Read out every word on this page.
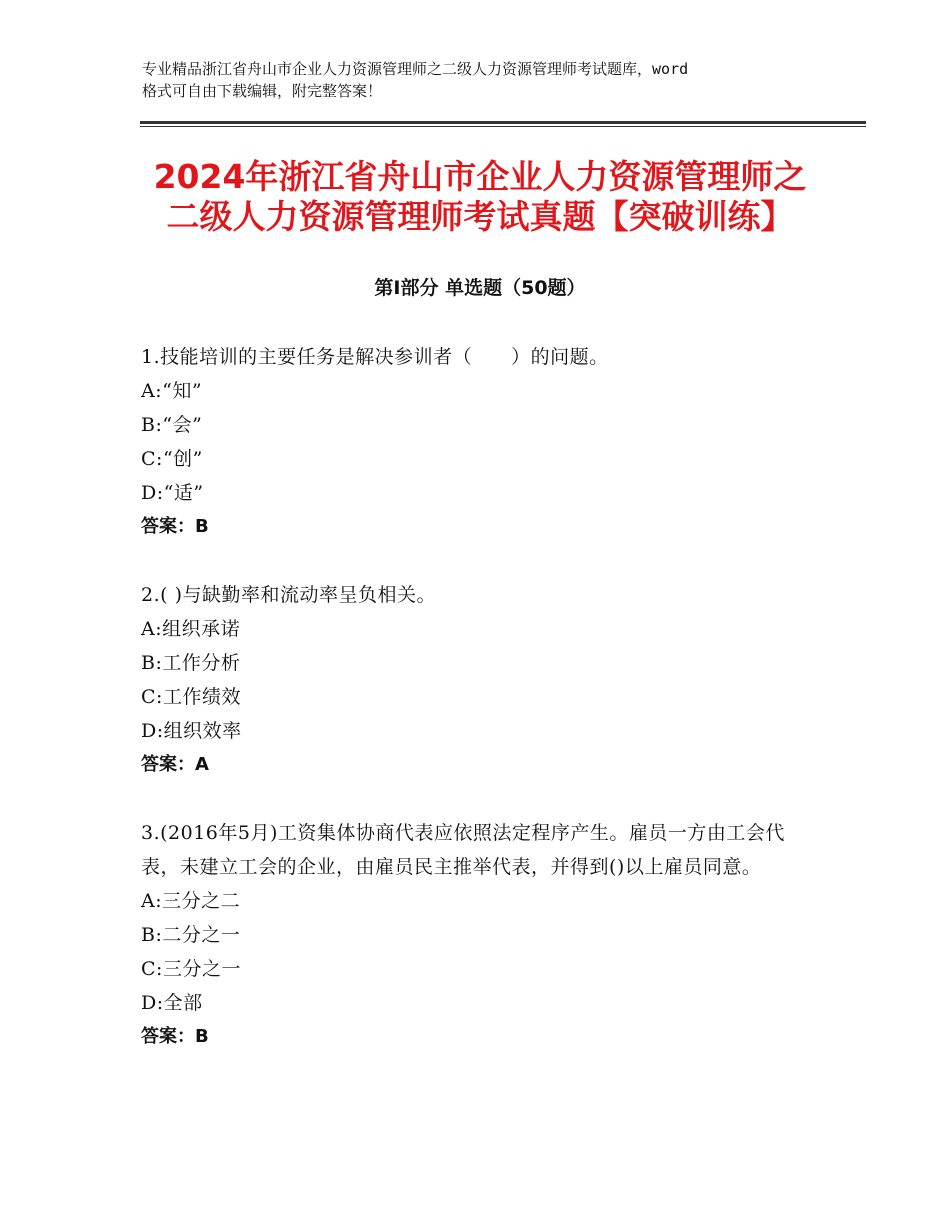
专业精品浙江省舟山市企业人力资源管理师之二级人力资源管理师考试题库，word
格式可自由下载编辑，附完整答案！
2024年浙江省舟山市企业人力资源管理师之
二级人力资源管理师考试真题【突破训练】
第Ⅰ部分 单选题（50题）
1.技能培训的主要任务是解决参训者（　　）的问题。
A:“知”
B:“会”
C:“创”
D:“适”
答案：B
2.( )与缺勤率和流动率呈负相关。
A:组织承诺
B:工作分析
C:工作绩效
D:组织效率
答案：A
3.(2016年5月)工资集体协商代表应依照法定程序产生。雇员一方由工会代表，未建立工会的企业，由雇员民主推举代表，并得到()以上雇员同意。
A:三分之二
B:二分之一
C:三分之一
D:全部
答案：B
